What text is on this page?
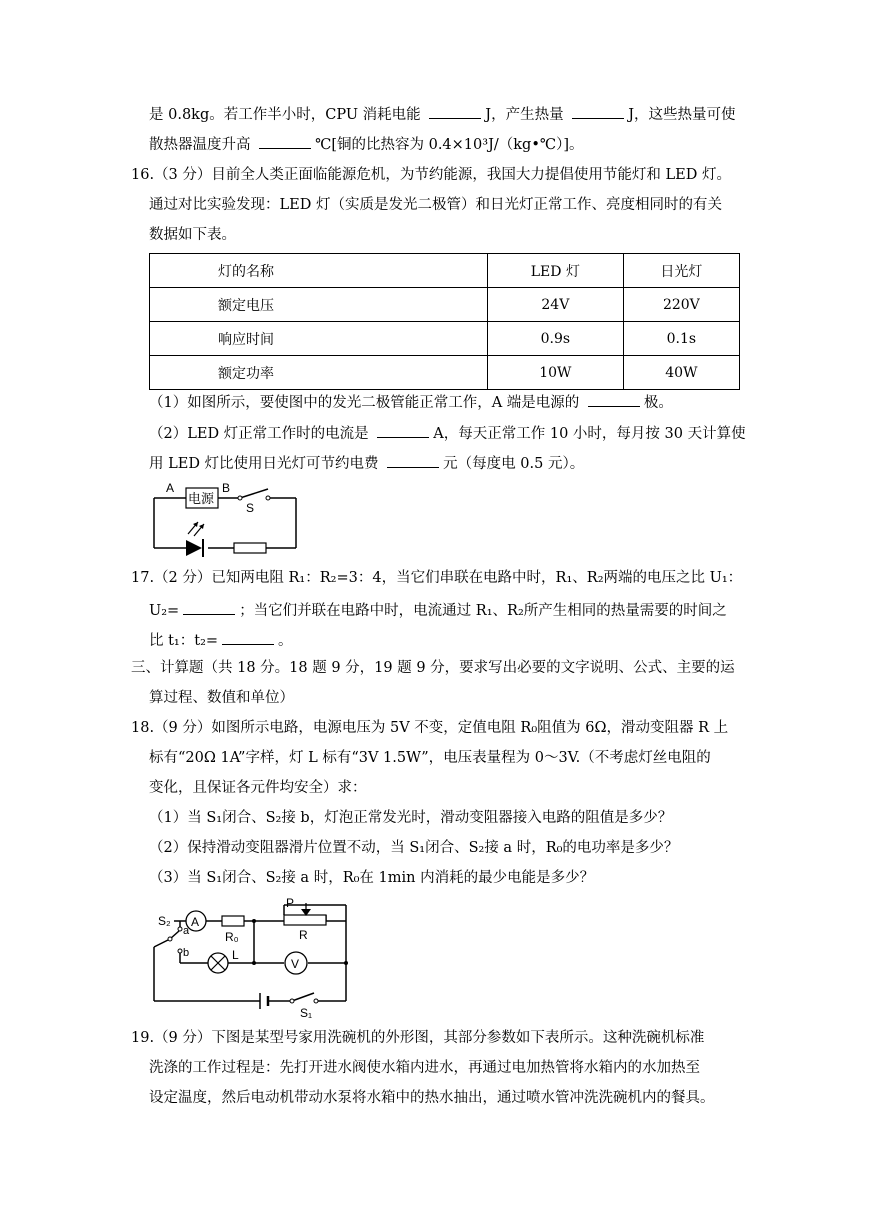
是 0.8kg。若工作半小时，CPU 消耗电能	J，产生热量	J，这些热量可使
散热器温度升高	℃[铜的比热容为 0.4×10³J/（kg•℃）]。
16.（3 分）目前全人类正面临能源危机，为节约能源，我国大力提倡使用节能灯和 LED 灯。
通过对比实验发现：LED 灯（实质是发光二极管）和日光灯正常工作、亮度相同时的有关
数据如下表。
灯的名称	LED 灯	日光灯
额定电压	24V	220V
响应时间	0.9s	0.1s
额定功率	10W	40W
（1）如图所示，要使图中的发光二极管能正常工作，A 端是电源的	极。
（2）LED 灯正常工作时的电流是	A，每天正常工作 10 小时，每月按 30 天计算使
用 LED 灯比使用日光灯可节约电费	元（每度电 0.5 元）。
电源
A	B
S
17.（2 分）已知两电阻 R₁：R₂=3：4，当它们串联在电路中时，R₁、R₂两端的电压之比 U₁：
U₂=	；当它们并联在电路中时，电流通过 R₁、R₂所产生相同的热量需要的时间之
比 t₁：t₂=	。
三、计算题（共 18 分。18 题 9 分，19 题 9 分，要求写出必要的文字说明、公式、主要的运
算过程、数值和单位）
18.（9 分）如图所示电路，电源电压为 5V 不变，定值电阻 R₀阻值为 6Ω，滑动变阻器 R 上
标有“20Ω 1A”字样，灯 L 标有“3V 1.5W”，电压表量程为 0～3V.（不考虑灯丝电阻的
变化，且保证各元件均安全）求：
（1）当 S₁闭合、S₂接 b，灯泡正常发光时，滑动变阻器接入电路的阻值是多少？
（2）保持滑动变阻器滑片位置不动，当 S₁闭合、S₂接 a 时，R₀的电功率是多少？
（3）当 S₁闭合、S₂接 a 时，R₀在 1min 内消耗的最少电能是多少？
A
R₀
P
R
L
V
S₂
a
b
S₁
19.（9 分）下图是某型号家用洗碗机的外形图，其部分参数如下表所示。这种洗碗机标准
洗涤的工作过程是：先打开进水阀使水箱内进水，再通过电加热管将水箱内的水加热至
设定温度，然后电动机带动水泵将水箱中的热水抽出，通过喷水管冲洗洗碗机内的餐具。
